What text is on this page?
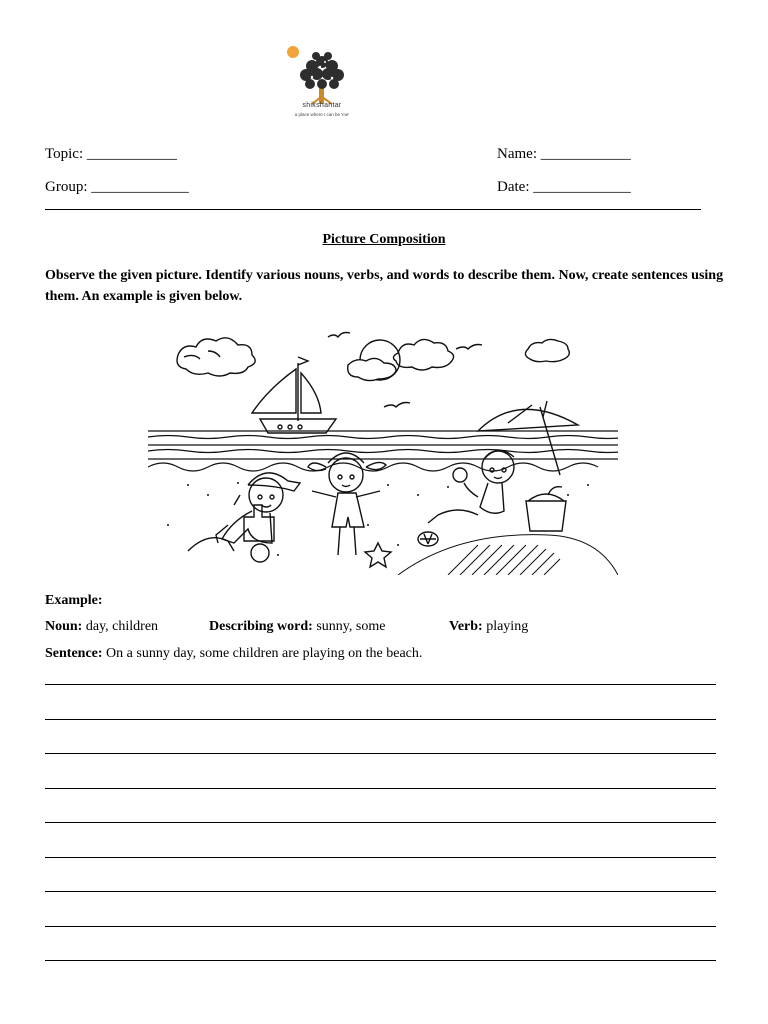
shikshantar
a place where I can be 'me'
Topic: ____________	Name: ____________
Group: _____________	Date: _____________
Picture Composition
Observe the given picture. Identify various nouns, verbs, and words to describe them. Now, create sentences using them. An example is given below.
Example:
Noun: day, children	Describing word: sunny, some	Verb: playing
Sentence: On a sunny day, some children are playing on the beach.
